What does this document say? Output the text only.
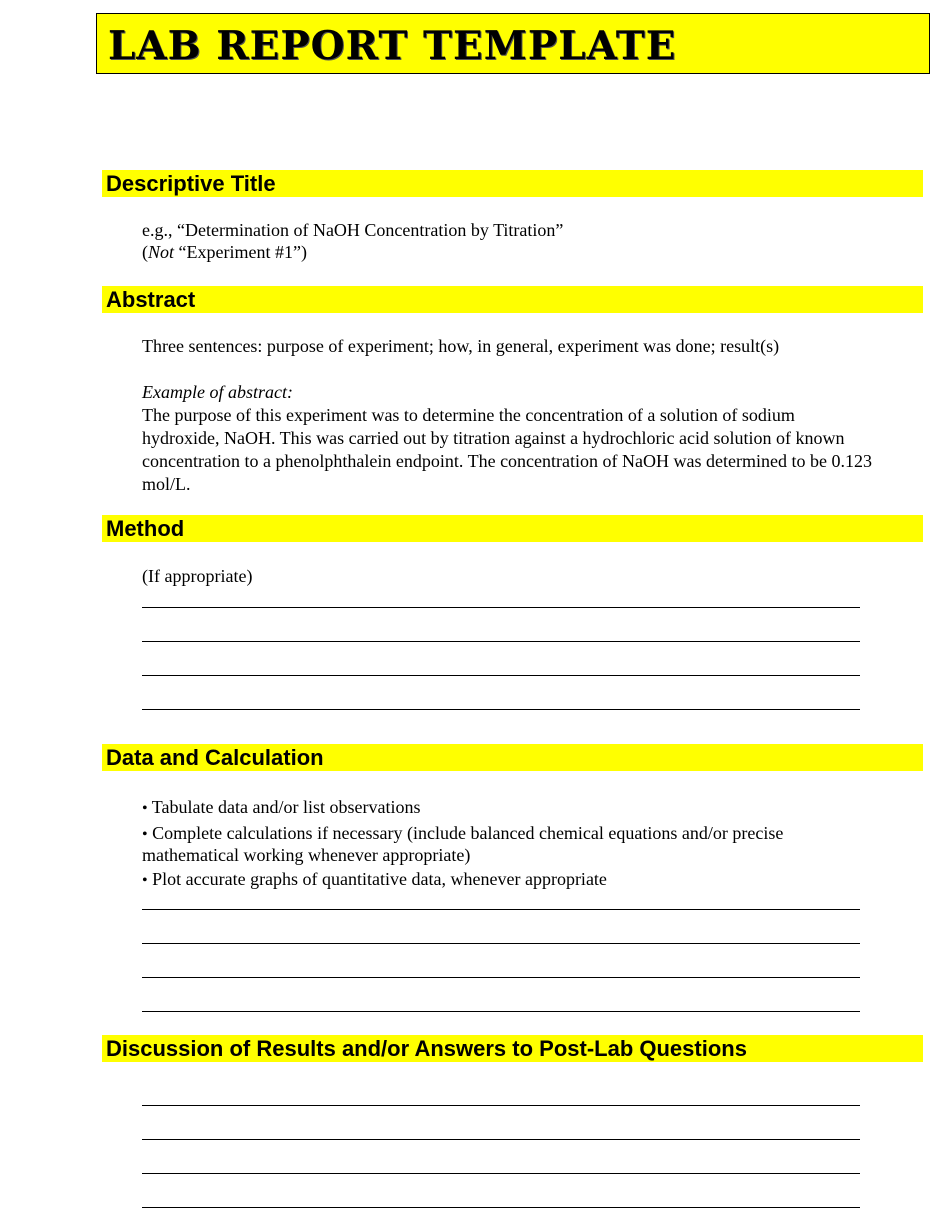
LAB REPORT TEMPLATE
Descriptive Title
e.g., “Determination of NaOH Concentration by Titration”
(Not “Experiment #1”)
Abstract
Three sentences: purpose of experiment; how, in general, experiment was done; result(s)
Example of abstract:
The purpose of this experiment was to determine the concentration of a solution of sodium hydroxide, NaOH. This was carried out by titration against a hydrochloric acid solution of known concentration to a phenolphthalein endpoint. The concentration of NaOH was determined to be 0.123 mol/L.
Method
(If appropriate)
Data and Calculation
• Tabulate data and/or list observations
• Complete calculations if necessary (include balanced chemical equations and/or precise
mathematical working whenever appropriate)
• Plot accurate graphs of quantitative data, whenever appropriate
Discussion of Results and/or Answers to Post-Lab Questions
